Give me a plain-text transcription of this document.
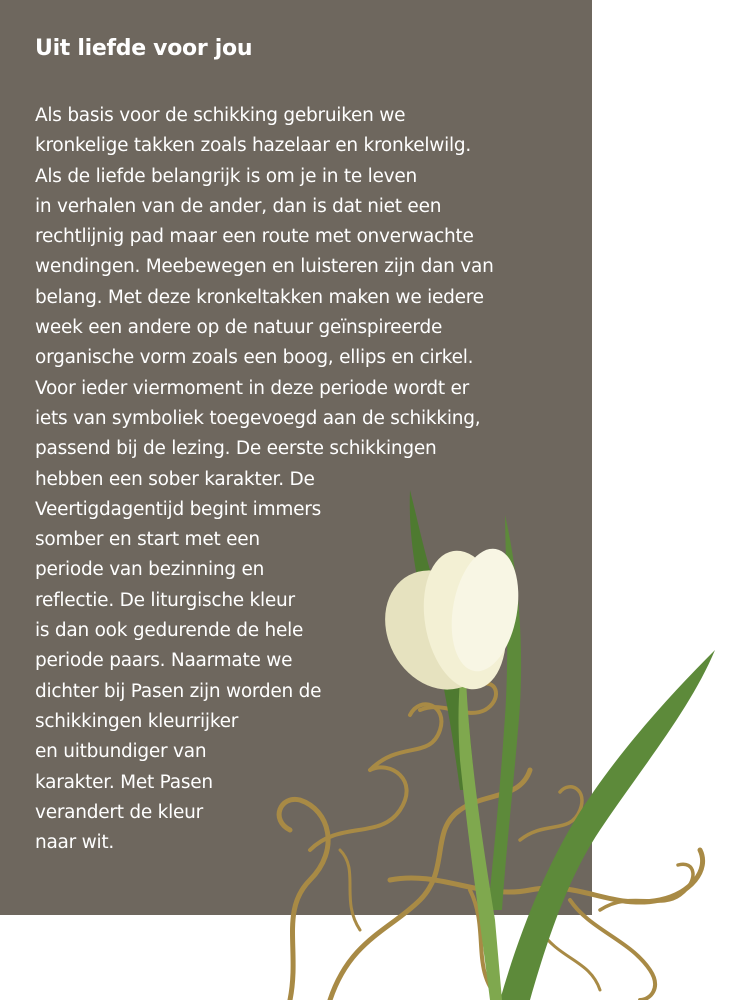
Uit liefde voor jou
Als basis voor de schikking gebruiken we
kronkelige takken zoals hazelaar en kronkelwilg.
Als de liefde belangrijk is om je in te leven
in verhalen van de ander, dan is dat niet een
rechtlijnig pad maar een route met onverwachte
wendingen. Meebewegen en luisteren zijn dan van
belang. Met deze kronkeltakken maken we iedere
week een andere op de natuur geïnspireerde
organische vorm zoals een boog, ellips en cirkel.
Voor ieder viermoment in deze periode wordt er
iets van symboliek toegevoegd aan de schikking,
passend bij de lezing. De eerste schikkingen
hebben een sober karakter. De
Veertigdagentijd begint immers
somber en start met een
periode van bezinning en
reflectie. De liturgische kleur
is dan ook gedurende de hele
periode paars. Naarmate we
dichter bij Pasen zijn worden de
schikkingen kleurrijker
en uitbundiger van
karakter. Met Pasen
verandert de kleur
naar wit.
